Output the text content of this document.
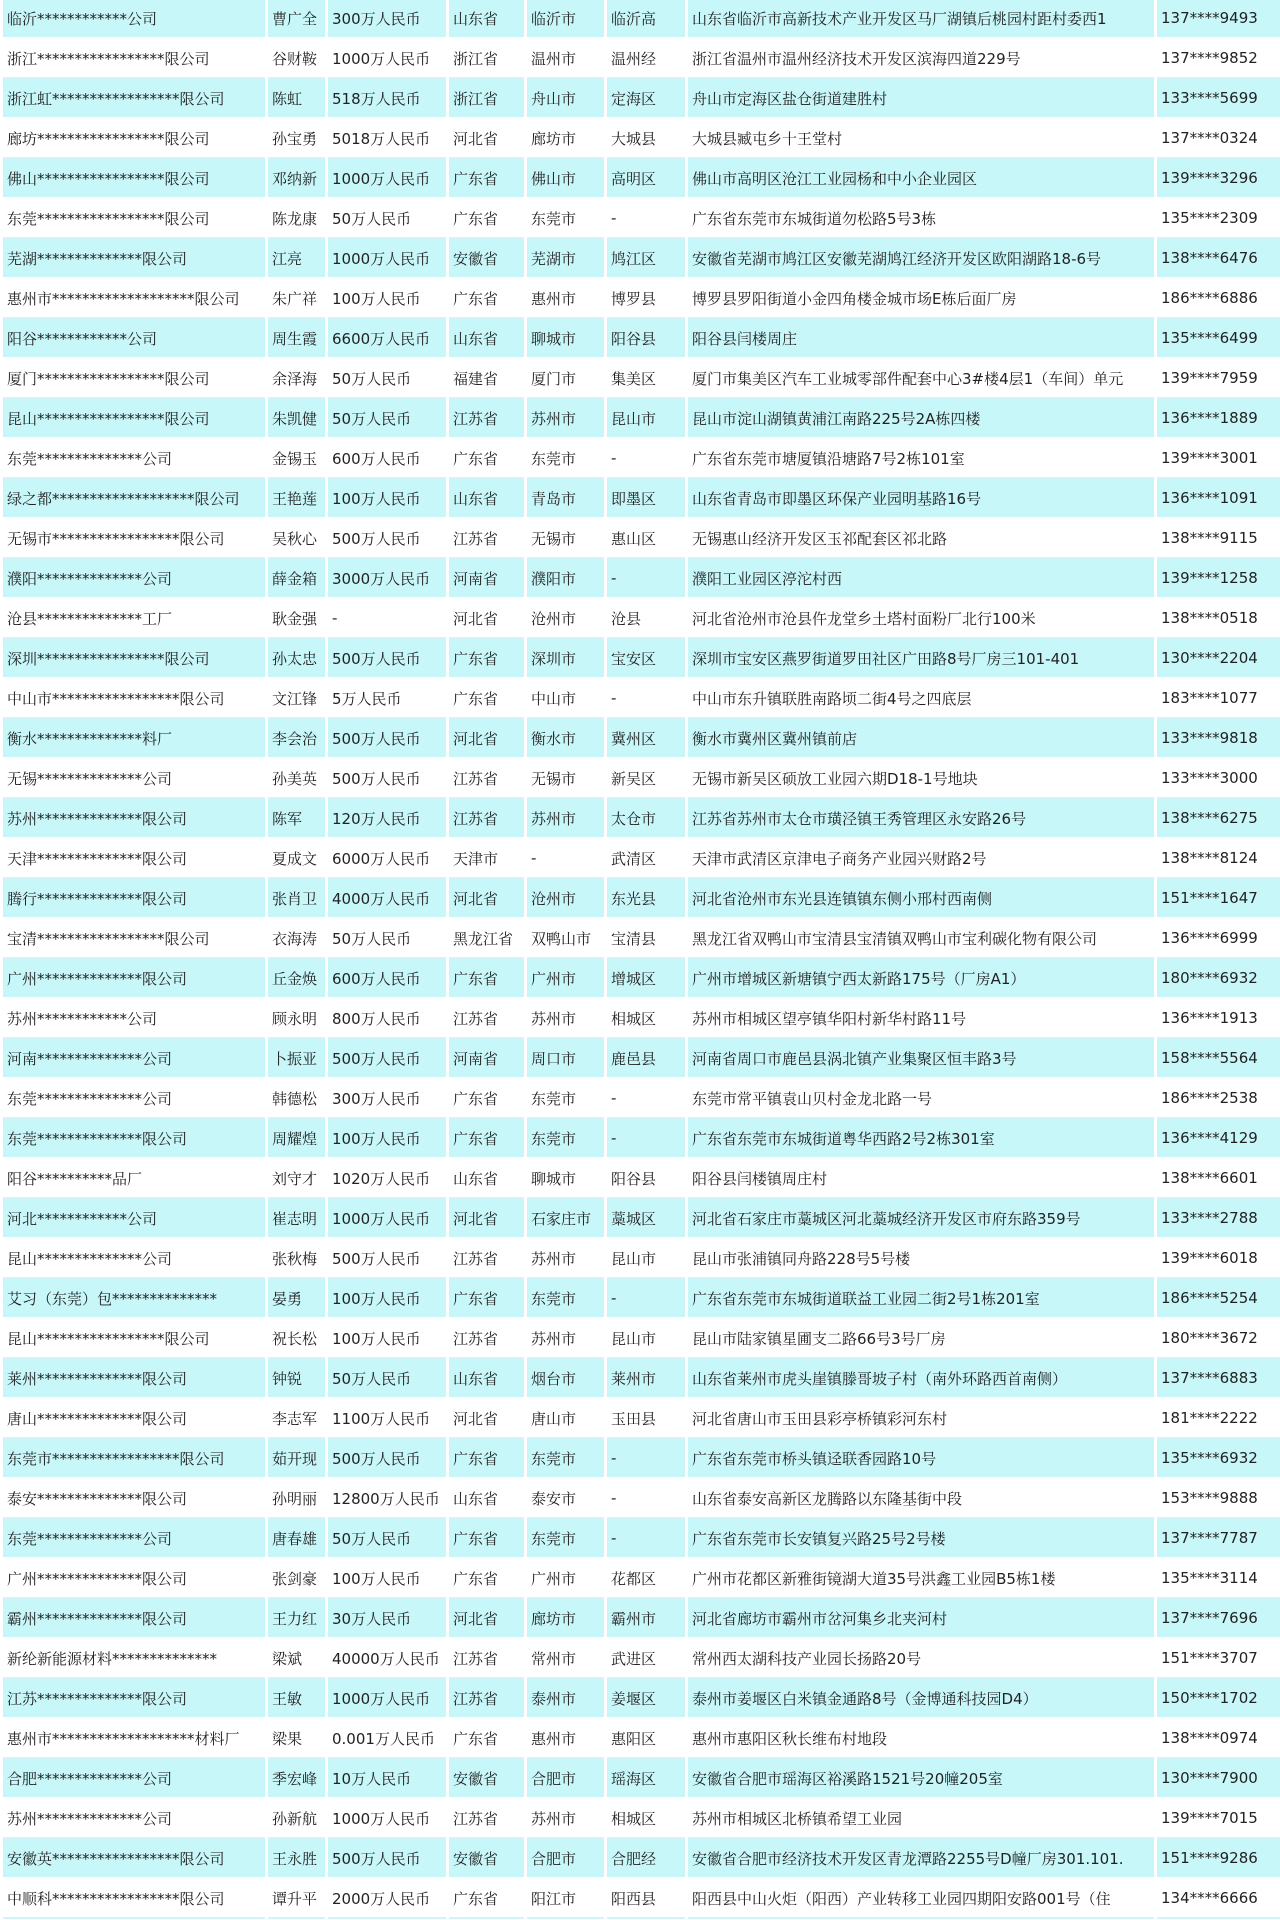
临沂************公司	曹广全	300万人民币	山东省	临沂市	临沂高	山东省临沂市高新技术产业开发区马厂湖镇后桃园村距村委西1	137****9493
浙江*****************限公司	谷财鞍	1000万人民币	浙江省	温州市	温州经	浙江省温州市温州经济技术开发区滨海四道229号	137****9852
浙江虹*****************限公司	陈虹	518万人民币	浙江省	舟山市	定海区	舟山市定海区盐仓街道建胜村	133****5699
廊坊*****************限公司	孙宝勇	5018万人民币	河北省	廊坊市	大城县	大城县臧屯乡十王堂村	137****0324
佛山*****************限公司	邓纳新	1000万人民币	广东省	佛山市	高明区	佛山市高明区沧江工业园杨和中小企业园区	139****3296
东莞*****************限公司	陈龙康	50万人民币	广东省	东莞市	-	广东省东莞市东城街道勿松路5号3栋	135****2309
芜湖**************限公司	江亮	1000万人民币	安徽省	芜湖市	鸠江区	安徽省芜湖市鸠江区安徽芜湖鸠江经济开发区欧阳湖路18-6号	138****6476
惠州市*******************限公司	朱广祥	100万人民币	广东省	惠州市	博罗县	博罗县罗阳街道小金四角楼金城市场E栋后面厂房	186****6886
阳谷************公司	周生霞	6600万人民币	山东省	聊城市	阳谷县	阳谷县闫楼周庄	135****6499
厦门*****************限公司	余泽海	50万人民币	福建省	厦门市	集美区	厦门市集美区汽车工业城零部件配套中心3#楼4层1（车间）单元	139****7959
昆山*****************限公司	朱凯健	50万人民币	江苏省	苏州市	昆山市	昆山市淀山湖镇黄浦江南路225号2A栋四楼	136****1889
东莞**************公司	金锡玉	600万人民币	广东省	东莞市	-	广东省东莞市塘厦镇沿塘路7号2栋101室	139****3001
绿之都*******************限公司	王艳莲	100万人民币	山东省	青岛市	即墨区	山东省青岛市即墨区环保产业园明基路16号	136****1091
无锡市*****************限公司	吴秋心	500万人民币	江苏省	无锡市	惠山区	无锡惠山经济开发区玉祁配套区祁北路	138****9115
濮阳**************公司	薛金箱	3000万人民币	河南省	濮阳市	-	濮阳工业园区渟沱村西	139****1258
沧县**************工厂	耿金强	-	河北省	沧州市	沧县	河北省沧州市沧县仵龙堂乡土塔村面粉厂北行100米	138****0518
深圳*****************限公司	孙太忠	500万人民币	广东省	深圳市	宝安区	深圳市宝安区燕罗街道罗田社区广田路8号厂房三101-401	130****2204
中山市*****************限公司	文江锋	5万人民币	广东省	中山市	-	中山市东升镇联胜南路顷二街4号之四底层	183****1077
衡水**************料厂	李会治	500万人民币	河北省	衡水市	冀州区	衡水市冀州区冀州镇前店	133****9818
无锡**************公司	孙美英	500万人民币	江苏省	无锡市	新吴区	无锡市新吴区硕放工业园六期D18-1号地块	133****3000
苏州**************限公司	陈军	120万人民币	江苏省	苏州市	太仓市	江苏省苏州市太仓市璜泾镇王秀管理区永安路26号	138****6275
天津**************限公司	夏成文	6000万人民币	天津市	-	武清区	天津市武清区京津电子商务产业园兴财路2号	138****8124
腾行**************限公司	张肖卫	4000万人民币	河北省	沧州市	东光县	河北省沧州市东光县连镇镇东侧小邢村西南侧	151****1647
宝清*****************限公司	衣海涛	50万人民币	黑龙江省	双鸭山市	宝清县	黑龙江省双鸭山市宝清县宝清镇双鸭山市宝利碳化物有限公司	136****6999
广州**************限公司	丘金焕	600万人民币	广东省	广州市	增城区	广州市增城区新塘镇宁西太新路175号（厂房A1）	180****6932
苏州************公司	顾永明	800万人民币	江苏省	苏州市	相城区	苏州市相城区望亭镇华阳村新华村路11号	136****1913
河南**************公司	卜振亚	500万人民币	河南省	周口市	鹿邑县	河南省周口市鹿邑县涡北镇产业集聚区恒丰路3号	158****5564
东莞**************公司	韩德松	300万人民币	广东省	东莞市	-	东莞市常平镇袁山贝村金龙北路一号	186****2538
东莞**************限公司	周耀煌	100万人民币	广东省	东莞市	-	广东省东莞市东城街道粤华西路2号2栋301室	136****4129
阳谷**********品厂	刘守才	1020万人民币	山东省	聊城市	阳谷县	阳谷县闫楼镇周庄村	138****6601
河北************公司	崔志明	1000万人民币	河北省	石家庄市	藁城区	河北省石家庄市藁城区河北藁城经济开发区市府东路359号	133****2788
昆山**************公司	张秋梅	500万人民币	江苏省	苏州市	昆山市	昆山市张浦镇同舟路228号5号楼	139****6018
艾习（东莞）包**************	晏勇	100万人民币	广东省	东莞市	-	广东省东莞市东城街道联益工业园二街2号1栋201室	186****5254
昆山*****************限公司	祝长松	100万人民币	江苏省	苏州市	昆山市	昆山市陆家镇星圃支二路66号3号厂房	180****3672
莱州**************限公司	钟锐	50万人民币	山东省	烟台市	莱州市	山东省莱州市虎头崖镇滕哥坡子村（南外环路西首南侧）	137****6883
唐山**************限公司	李志军	1100万人民币	河北省	唐山市	玉田县	河北省唐山市玉田县彩亭桥镇彩河东村	181****2222
东莞市*****************限公司	茹开现	500万人民币	广东省	东莞市	-	广东省东莞市桥头镇迳联香园路10号	135****6932
泰安**************限公司	孙明丽	12800万人民币	山东省	泰安市	-	山东省泰安高新区龙腾路以东隆基街中段	153****9888
东莞**************公司	唐春雄	50万人民币	广东省	东莞市	-	广东省东莞市长安镇复兴路25号2号楼	137****7787
广州**************限公司	张剑豪	100万人民币	广东省	广州市	花都区	广州市花都区新雅街镜湖大道35号洪鑫工业园B5栋1楼	135****3114
霸州**************限公司	王力红	30万人民币	河北省	廊坊市	霸州市	河北省廊坊市霸州市岔河集乡北夹河村	137****7696
新纶新能源材料**************	梁斌	40000万人民币	江苏省	常州市	武进区	常州西太湖科技产业园长扬路20号	151****3707
江苏**************限公司	王敏	1000万人民币	江苏省	泰州市	姜堰区	泰州市姜堰区白米镇金通路8号（金博通科技园D4）	150****1702
惠州市*******************材料厂	梁果	0.001万人民币	广东省	惠州市	惠阳区	惠州市惠阳区秋长维布村地段	138****0974
合肥**************公司	季宏峰	10万人民币	安徽省	合肥市	瑶海区	安徽省合肥市瑶海区裕溪路1521号20幢205室	130****7900
苏州**************公司	孙新航	1000万人民币	江苏省	苏州市	相城区	苏州市相城区北桥镇希望工业园	139****7015
安徽英*****************限公司	王永胜	500万人民币	安徽省	合肥市	合肥经	安徽省合肥市经济技术开发区青龙潭路2255号D幢厂房301.101.	151****9286
中顺科*****************限公司	谭升平	2000万人民币	广东省	阳江市	阳西县	阳西县中山火炬（阳西）产业转移工业园四期阳安路001号（住	134****6666
